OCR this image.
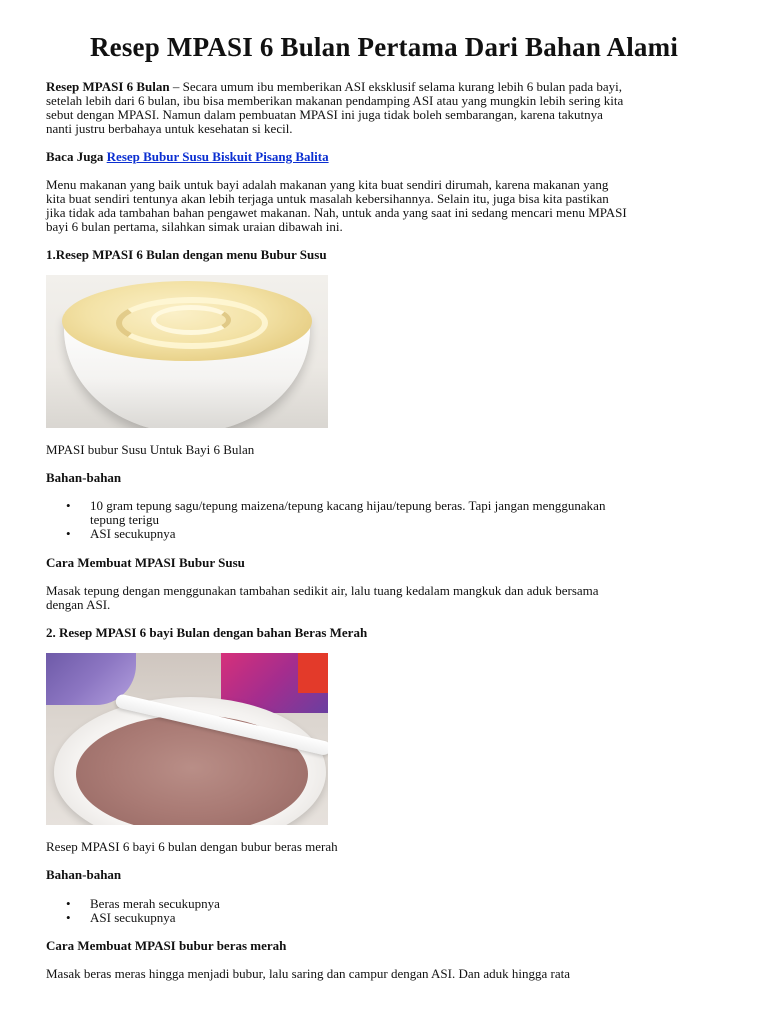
Resep MPASI 6 Bulan Pertama Dari Bahan Alami

Resep MPASI 6 Bulan – Secara umum ibu memberikan ASI eksklusif selama kurang lebih 6 bulan pada bayi,
setelah lebih dari 6 bulan, ibu bisa memberikan makanan pendamping ASI atau yang mungkin lebih sering kita
sebut dengan MPASI. Namun dalam pembuatan MPASI ini juga tidak boleh sembarangan, karena takutnya
nanti justru berbahaya untuk kesehatan si kecil.

Baca Juga Resep Bubur Susu Biskuit Pisang Balita

Menu makanan yang baik untuk bayi adalah makanan yang kita buat sendiri dirumah, karena makanan yang
kita buat sendiri tentunya akan lebih terjaga untuk masalah kebersihannya. Selain itu, juga bisa kita pastikan
jika tidak ada tambahan bahan pengawet makanan. Nah, untuk anda yang saat ini sedang mencari menu MPASI
bayi 6 bulan pertama, silahkan simak uraian dibawah ini.

1.Resep MPASI 6 Bulan dengan menu Bubur Susu

MPASI bubur Susu Untuk Bayi 6 Bulan

Bahan-bahan

• 10 gram tepung sagu/tepung maizena/tepung kacang hijau/tepung beras. Tapi jangan menggunakan
tepung terigu
• ASI secukupnya

Cara Membuat MPASI Bubur Susu

Masak tepung dengan menggunakan tambahan sedikit air, lalu tuang kedalam mangkuk dan aduk bersama
dengan ASI.

2. Resep MPASI 6 bayi Bulan dengan bahan Beras Merah

Resep MPASI 6 bayi 6 bulan dengan bubur beras merah

Bahan-bahan

• Beras merah secukupnya
• ASI secukupnya

Cara Membuat MPASI bubur beras merah

Masak beras meras hingga menjadi bubur, lalu saring dan campur dengan ASI. Dan aduk hingga rata
